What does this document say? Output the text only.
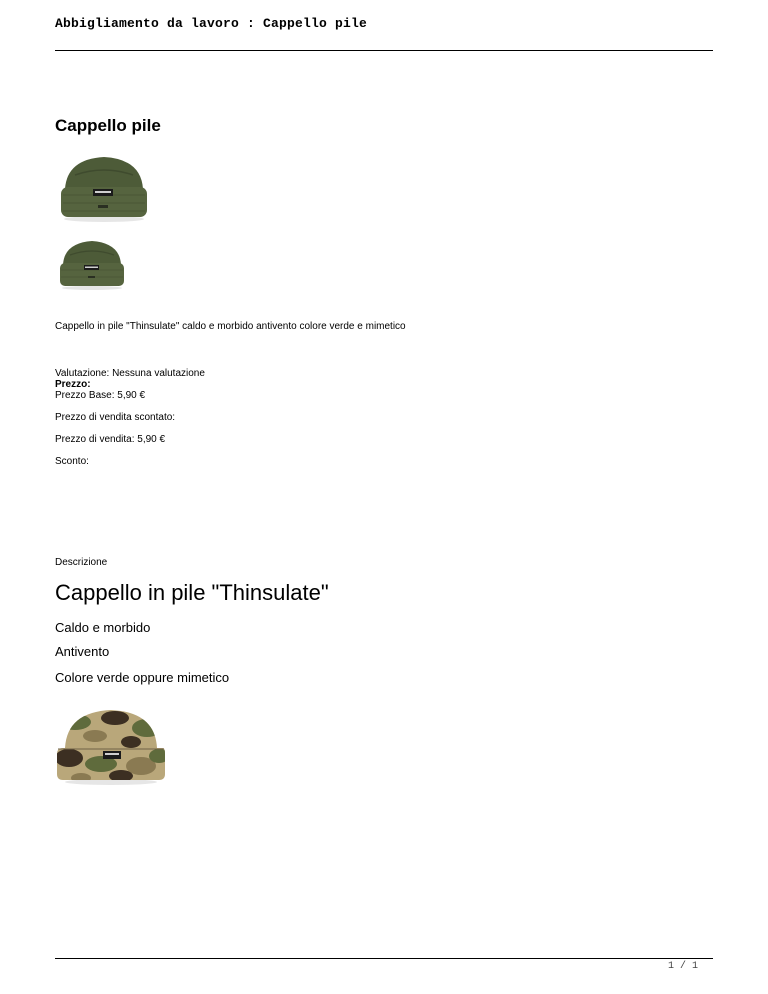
Abbigliamento da lavoro : Cappello pile
Cappello pile
Cappello in pile "Thinsulate" caldo e morbido antivento colore verde e mimetico

Valutazione: Nessuna valutazione

Prezzo:

Prezzo Base: 5,90 €

Prezzo di vendita scontato:

Prezzo di vendita: 5,90 €

Sconto:

Descrizione
Cappello in pile "Thinsulate"
Caldo e morbido
Antivento
Colore verde oppure mimetico
1 / 1
